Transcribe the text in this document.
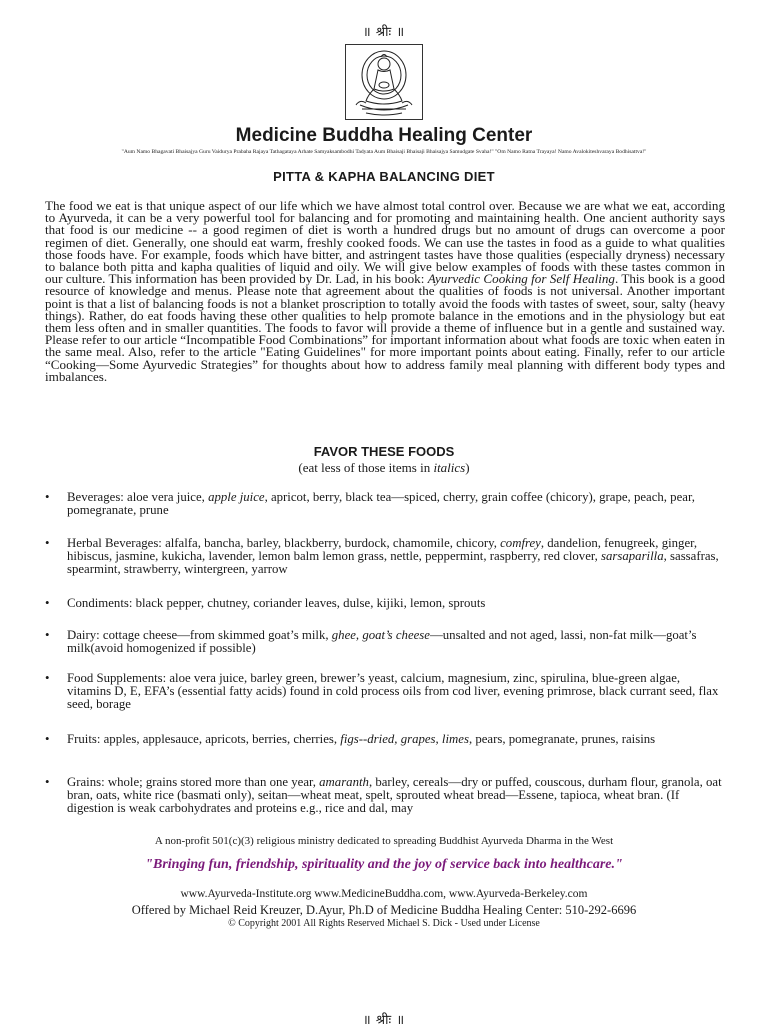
॥ श्रीः ॥
Medicine Buddha Healing Center
"Aum Namo Bhagavati Bhaisajya Guru Vaidurya Prabaha Rajaya Tathagataya Arhate Samyaksambodhi Tadyata Aum Bhaisaji Bhaisaji Bhaisajya Samudgate Svaha!" "Om Namo Ratna Trayaya! Namo Avalokiteshvaraya Bodhisattva!"
PITTA & KAPHA BALANCING DIET

The food we eat is that unique aspect of our life which we have almost total control over. Because we are what we eat, according to Ayurveda, it can be a very powerful tool for balancing and for promoting and maintaining health. One ancient authority says that food is our medicine -- a good regimen of diet is worth a hundred drugs but no amount of drugs can overcome a poor regimen of diet. Generally, one should eat warm, freshly cooked foods. We can use the tastes in food as a guide to what qualities those foods have. For example, foods which have bitter, and astringent tastes have those qualities (especially dryness) necessary to balance both pitta and kapha qualities of liquid and oily. We will give below examples of foods with these tastes common in our culture. This information has been provided by Dr. Lad, in his book: Ayurvedic Cooking for Self Healing. This book is a good resource of knowledge and menus. Please note that agreement about the qualities of foods is not universal. Another important point is that a list of balancing foods is not a blanket proscription to totally avoid the foods with tastes of sweet, sour, salty (heavy things). Rather, do eat foods having these other qualities to help promote balance in the emotions and in the physiology but eat them less often and in smaller quantities. The foods to favor will provide a theme of influence but in a gentle and sustained way. Please refer to our article “Incompatible Food Combinations” for important information about what foods are toxic when eaten in the same meal. Also, refer to the article "Eating Guidelines" for more important points about eating. Finally, refer to our article “Cooking—Some Ayurvedic Strategies” for thoughts about how to address family meal planning with different body types and imbalances.

FAVOR THESE FOODS
(eat less of those items in italics)
•	Beverages: aloe vera juice, apple juice, apricot, berry, black tea—spiced, cherry, grain coffee (chicory), grape, peach, pear, pomegranate, prune
•	Herbal Beverages: alfalfa, bancha, barley, blackberry, burdock, chamomile, chicory, comfrey, dandelion, fenugreek, ginger, hibiscus, jasmine, kukicha, lavender, lemon balm lemon grass, nettle, peppermint, raspberry, red clover, sarsaparilla, sassafras, spearmint, strawberry, wintergreen, yarrow
•	Condiments: black pepper, chutney, coriander leaves, dulse, kijiki, lemon, sprouts
•	Dairy: cottage cheese—from skimmed goat’s milk, ghee, goat’s cheese—unsalted and not aged, lassi, non-fat milk—goat’s milk(avoid homogenized if possible)
•	Food Supplements: aloe vera juice, barley green, brewer’s yeast, calcium, magnesium, zinc, spirulina, blue-green algae, vitamins D, E, EFA’s (essential fatty acids) found in cold process oils from cod liver, evening primrose, black currant seed, flax seed, borage
•	Fruits: apples, applesauce, apricots, berries, cherries, figs--dried, grapes, limes, pears, pomegranate, prunes, raisins
•	Grains: whole; grains stored more than one year, amaranth, barley, cereals—dry or puffed, couscous, durham flour, granola, oat bran, oats, white rice (basmati only), seitan—wheat meat, spelt, sprouted wheat bread—Essene, tapioca, wheat bran. (If digestion is weak carbohydrates and proteins e.g., rice and dal, may
A non-profit 501(c)(3) religious ministry dedicated to spreading Buddhist Ayurveda Dharma in the West
"Bringing fun, friendship, spirituality and the joy of service back into healthcare."
www.Ayurveda-Institute.org www.MedicineBuddha.com, www.Ayurveda-Berkeley.com
Offered by Michael Reid Kreuzer, D.Ayur, Ph.D of Medicine Buddha Healing Center: 510-292-6696
© Copyright 2001 All Rights Reserved Michael S. Dick - Used under License
॥ श्रीः ॥
